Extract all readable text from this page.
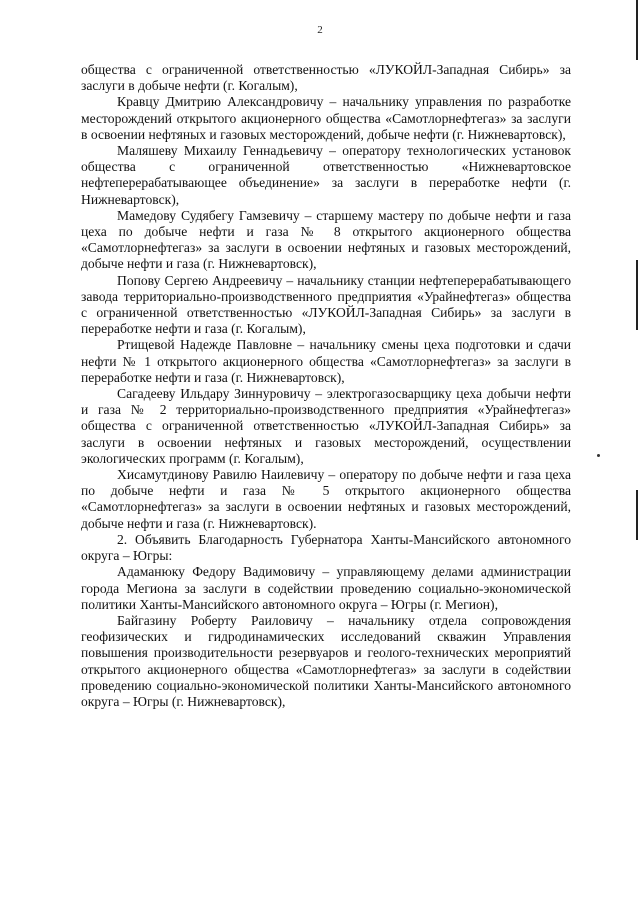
2

общества с ограниченной ответственностью «ЛУКОЙЛ-Западная Сибирь» за заслуги в добыче нефти (г. Когалым),

Кравцу Дмитрию Александровичу – начальнику управления по разработке месторождений открытого акционерного общества «Самотлорнефтегаз» за заслуги в освоении нефтяных и газовых месторождений, добыче нефти (г. Нижневартовск),

Маляшеву Михаилу Геннадьевичу – оператору технологических установок общества с ограниченной ответственностью «Нижневартовское нефтеперерабатывающее объединение» за заслуги в переработке нефти (г. Нижневартовск),

Мамедову Судябегу Гамзевичу – старшему мастеру по добыче нефти и газа цеха по добыче нефти и газа № 8 открытого акционерного общества «Самотлорнефтегаз» за заслуги в освоении нефтяных и газовых месторождений, добыче нефти и газа (г. Нижневартовск),

Попову Сергею Андреевичу – начальнику станции нефтеперерабатывающего завода территориально-производственного предприятия «Урайнефтегаз» общества с ограниченной ответственностью «ЛУКОЙЛ-Западная Сибирь» за заслуги в переработке нефти и газа (г. Когалым),

Ртищевой Надежде Павловне – начальнику смены цеха подготовки и сдачи нефти № 1 открытого акционерного общества «Самотлорнефтегаз» за заслуги в переработке нефти и газа (г. Нижневартовск),

Сагадееву Ильдару Зиннуровичу – электрогазосварщику цеха добычи нефти и газа № 2 территориально-производственного предприятия «Урайнефтегаз» общества с ограниченной ответственностью «ЛУКОЙЛ-Западная Сибирь» за заслуги в освоении нефтяных и газовых месторождений, осуществлении экологических программ (г. Когалым),

Хисамутдинову Равилю Наилевичу – оператору по добыче нефти и газа цеха по добыче нефти и газа № 5 открытого акционерного общества «Самотлорнефтегаз» за заслуги в освоении нефтяных и газовых месторождений, добыче нефти и газа (г. Нижневартовск).

2. Объявить Благодарность Губернатора Ханты-Мансийского автономного округа – Югры:

Адаманюку Федору Вадимовичу – управляющему делами администрации города Мегиона за заслуги в содействии проведению социально-экономической политики Ханты-Мансийского автономного округа – Югры (г. Мегион),

Байгазину Роберту Раиловичу – начальнику отдела сопровождения геофизических и гидродинамических исследований скважин Управления повышения производительности резервуаров и геолого-технических мероприятий открытого акционерного общества «Самотлорнефтегаз» за заслуги в содействии проведению социально-экономической политики Ханты-Мансийского автономного округа – Югры (г. Нижневартовск),
